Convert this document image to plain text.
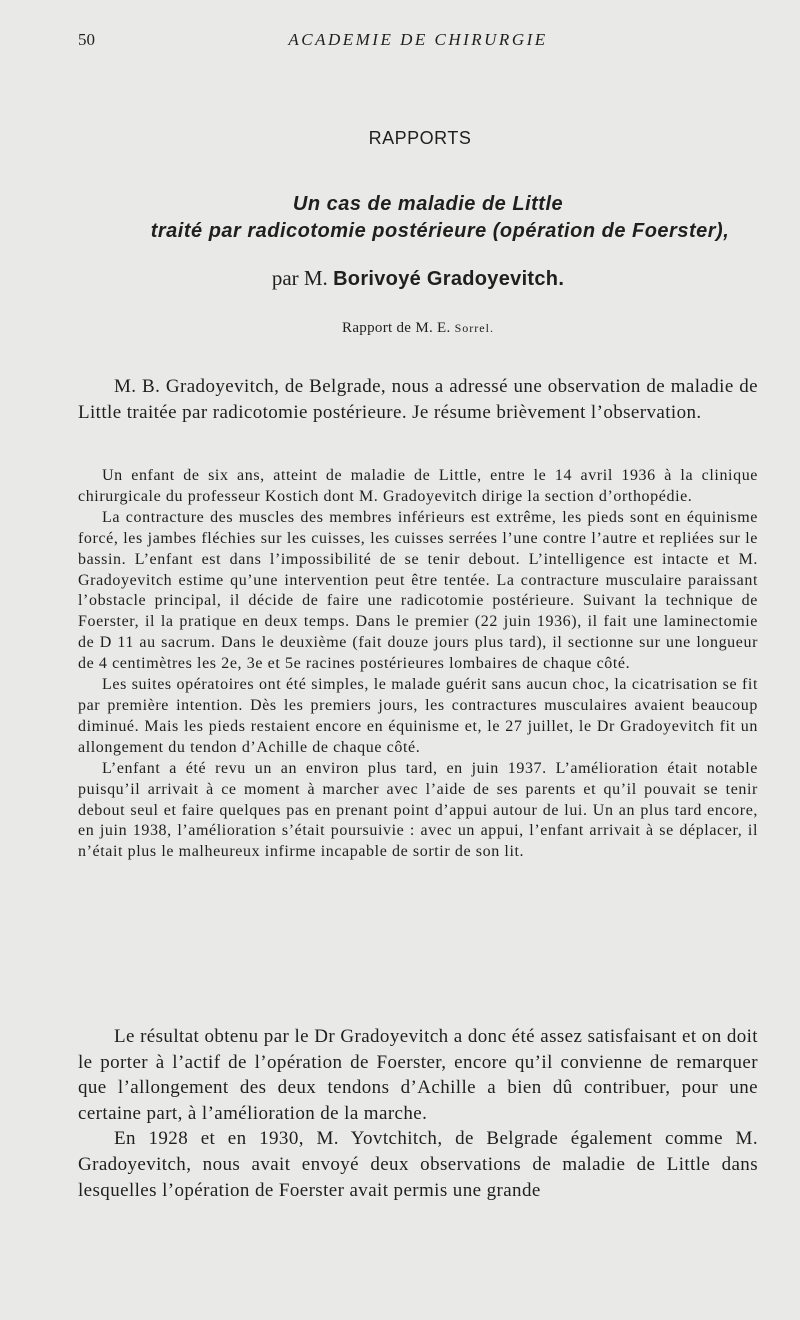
50	ACADEMIE DE CHIRURGIE
RAPPORTS
Un cas de maladie de Little
traité par radicotomie postérieure (opération de Foerster),
par M. Borivoyé Gradoyevitch.
Rapport de M. E. Sorrel.

M. B. Gradoyevitch, de Belgrade, nous a adressé une observation de maladie de Little traitée par radicotomie postérieure. Je résume brièvement l’observation.

Un enfant de six ans, atteint de maladie de Little, entre le 14 avril 1936 à la clinique chirurgicale du professeur Kostich dont M. Gradoyevitch dirige la section d’orthopédie.

La contracture des muscles des membres inférieurs est extrême, les pieds sont en équinisme forcé, les jambes fléchies sur les cuisses, les cuisses serrées l’une contre l’autre et repliées sur le bassin. L’enfant est dans l’impossibilité de se tenir debout. L’intelligence est intacte et M. Gradoyevitch estime qu’une intervention peut être tentée. La contracture musculaire paraissant l’obstacle principal, il décide de faire une radicotomie postérieure. Suivant la technique de Foerster, il la pratique en deux temps. Dans le premier (22 juin 1936), il fait une laminectomie de D 11 au sacrum. Dans le deuxième (fait douze jours plus tard), il sectionne sur une longueur de 4 centimètres les 2e, 3e et 5e racines postérieures lombaires de chaque côté.

Les suites opératoires ont été simples, le malade guérit sans aucun choc, la cicatrisation se fit par première intention. Dès les premiers jours, les contractures musculaires avaient beaucoup diminué. Mais les pieds restaient encore en équinisme et, le 27 juillet, le Dr Gradoyevitch fit un allongement du tendon d’Achille de chaque côté.

L’enfant a été revu un an environ plus tard, en juin 1937. L’amélioration était notable puisqu’il arrivait à ce moment à marcher avec l’aide de ses parents et qu’il pouvait se tenir debout seul et faire quelques pas en prenant point d’appui autour de lui. Un an plus tard encore, en juin 1938, l’amélioration s’était poursuivie : avec un appui, l’enfant arrivait à se déplacer, il n’était plus le malheureux infirme incapable de sortir de son lit.

Le résultat obtenu par le Dr Gradoyevitch a donc été assez satisfaisant et on doit le porter à l’actif de l’opération de Foerster, encore qu’il convienne de remarquer que l’allongement des deux tendons d’Achille a bien dû contribuer, pour une certaine part, à l’amélioration de la marche.

En 1928 et en 1930, M. Yovtchitch, de Belgrade également comme M. Gradoyevitch, nous avait envoyé deux observations de maladie de Little dans lesquelles l’opération de Foerster avait permis une grande
